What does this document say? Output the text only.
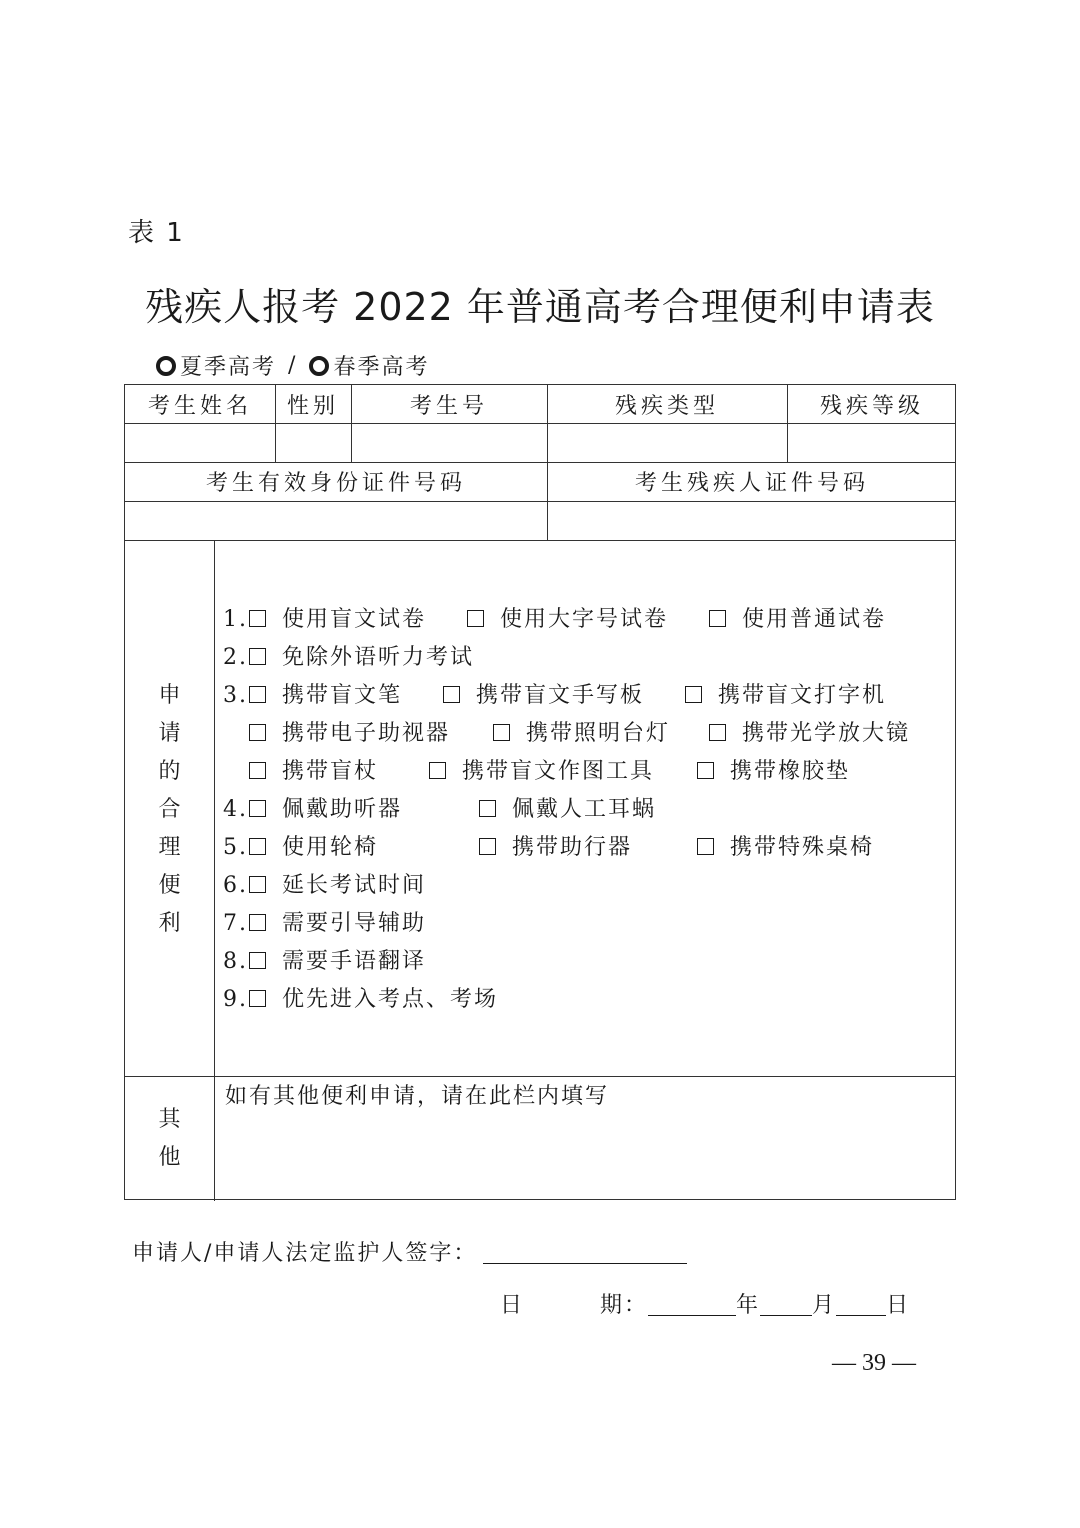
表 1
残疾人报考 2022 年普通高考合理便利申请表
夏季高考 / 春季高考
考生姓名	性别	考生号	残疾类型	残疾等级
考生有效身份证件号码	考生残疾人证件号码
申请的合理便利
1.	使用盲文试卷	使用大字号试卷	使用普通试卷
2.	免除外语听力考试
3.	携带盲文笔	携带盲文手写板	携带盲文打字机
携带电子助视器	携带照明台灯	携带光学放大镜
携带盲杖	携带盲文作图工具	携带橡胶垫
4.	佩戴助听器	佩戴人工耳蜗
5.	使用轮椅	携带助行器	携带特殊桌椅
6.	延长考试时间
7.	需要引导辅助
8.	需要手语翻译
9.	优先进入考点、考场
其他
如有其他便利申请，请在此栏内填写
申请人/申请人法定监护人签字：
日	期：	年 月 日
— 39 —
